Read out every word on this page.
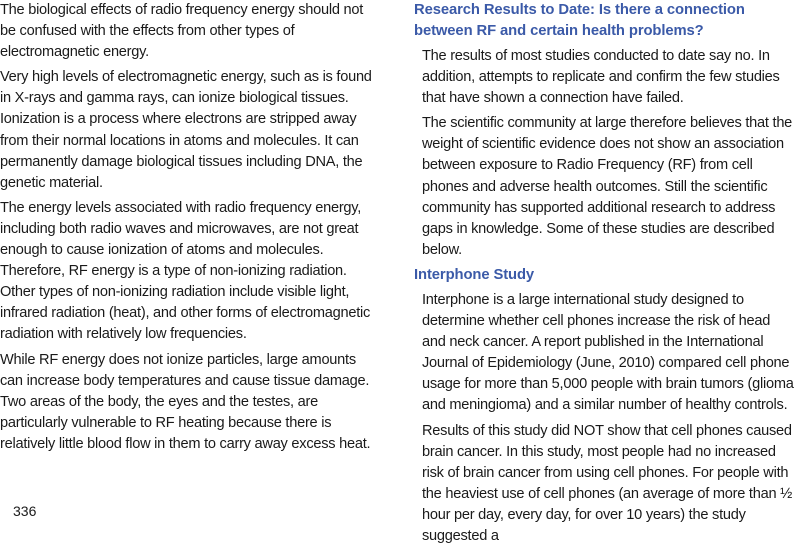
The biological effects of radio frequency energy should not be confused with the effects from other types of electromagnetic energy.

Very high levels of electromagnetic energy, such as is found in X-rays and gamma rays, can ionize biological tissues. Ionization is a process where electrons are stripped away from their normal locations in atoms and molecules. It can permanently damage biological tissues including DNA, the genetic material.

The energy levels associated with radio frequency energy, including both radio waves and microwaves, are not great enough to cause ionization of atoms and molecules. Therefore, RF energy is a type of non-ionizing radiation. Other types of non-ionizing radiation include visible light, infrared radiation (heat), and other forms of electromagnetic radiation with relatively low frequencies.

While RF energy does not ionize particles, large amounts can increase body temperatures and cause tissue damage. Two areas of the body, the eyes and the testes, are particularly vulnerable to RF heating because there is relatively little blood flow in them to carry away excess heat.

Research Results to Date: Is there a connection between RF and certain health problems?

The results of most studies conducted to date say no. In addition, attempts to replicate and confirm the few studies that have shown a connection have failed.

The scientific community at large therefore believes that the weight of scientific evidence does not show an association between exposure to Radio Frequency (RF) from cell phones and adverse health outcomes. Still the scientific community has supported additional research to address gaps in knowledge. Some of these studies are described below.

Interphone Study

Interphone is a large international study designed to determine whether cell phones increase the risk of head and neck cancer. A report published in the International Journal of Epidemiology (June, 2010) compared cell phone usage for more than 5,000 people with brain tumors (glioma and meningioma) and a similar number of healthy controls.

Results of this study did NOT show that cell phones caused brain cancer. In this study, most people had no increased risk of brain cancer from using cell phones. For people with the heaviest use of cell phones (an average of more than ½ hour per day, every day, for over 10 years) the study suggested a

336
